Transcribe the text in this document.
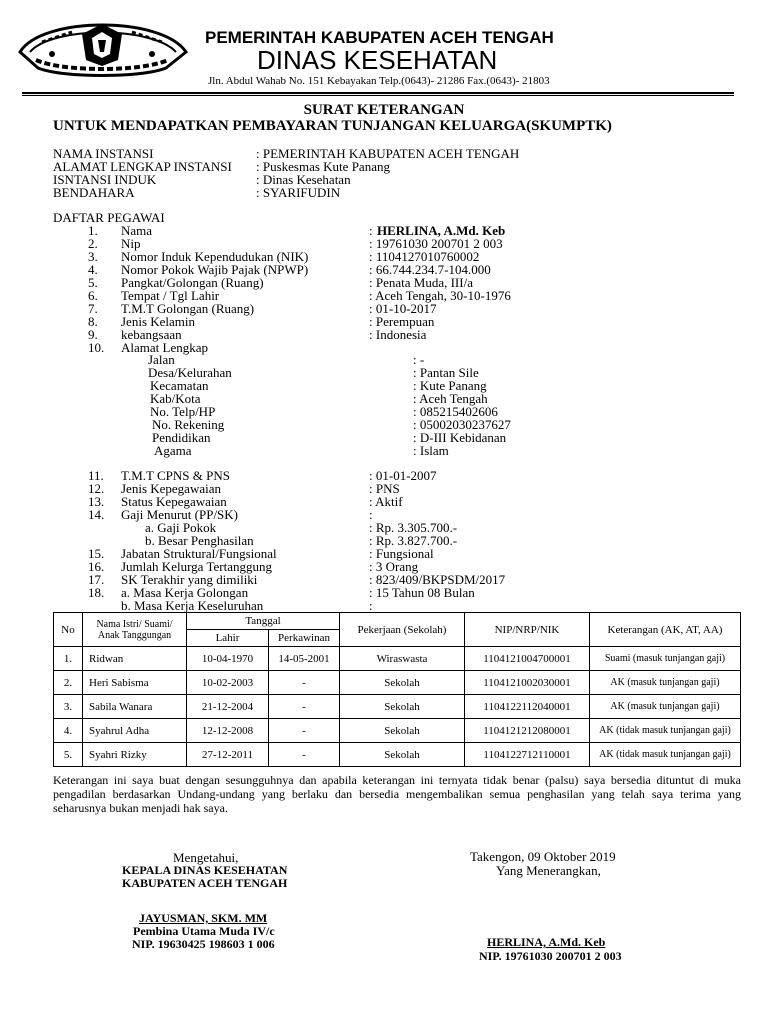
PEMERINTAH KABUPATEN ACEH TENGAH
DINAS KESEHATAN
Jln. Abdul Wahab No. 151 Kebayakan Telp.(0643)- 21286 Fax.(0643)- 21803
SURAT KETERANGAN
UNTUK MENDAPATKAN PEMBAYARAN TUNJANGAN KELUARGA(SKUMPTK)
NAMA INSTANSI	: PEMERINTAH KABUPATEN ACEH TENGAH
ALAMAT LENGKAP INSTANSI : Puskesmas Kute Panang
ISNTANSI INDUK	: Dinas Kesehatan
BENDAHARA	: SYARIFUDIN
DAFTAR PEGAWAI
1. Nama	: HERLINA, A.Md. Keb
2. Nip	: 19761030 200701 2 003
3. Nomor Induk Kependudukan (NIK)	: 1104127010760002
4. Nomor Pokok Wajib Pajak (NPWP)	: 66.744.234.7-104.000
5. Pangkat/Golongan (Ruang)	: Penata Muda, III/a
6. Tempat / Tgl Lahir	: Aceh Tengah, 30-10-1976
7. T.M.T Golongan (Ruang)	: 01-10-2017
8. Jenis Kelamin	: Perempuan
9. kebangsaan	: Indonesia
10. Alamat Lengkap
Jalan	: -
Desa/Kelurahan	: Pantan Sile
Kecamatan	: Kute Panang
Kab/Kota	: Aceh Tengah
No. Telp/HP	: 085215402606
No. Rekening	: 05002030237627
Pendidikan	: D-III Kebidanan
Agama	: Islam
11. T.M.T CPNS & PNS	: 01-01-2007
12. Jenis Kepegawaian	: PNS
13. Status Kepegawaian	: Aktif
14. Gaji Menurut (PP/SK)	:
a. Gaji Pokok	: Rp. 3.305.700.-
b. Besar Penghasilan	: Rp. 3.827.700.-
15. Jabatan Struktural/Fungsional	: Fungsional
16. Jumlah Kelurga Tertanggung	: 3 Orang
17. SK Terakhir yang dimiliki	: 823/409/BKPSDM/2017
18. a. Masa Kerja Golongan	: 15 Tahun 08 Bulan
b. Masa Kerja Keseluruhan	:
No	Nama Istri/ Suami/ Anak Tanggungan	Tanggal		Pekerjaan (Sekolah)	NIP/NRP/NIK	Keterangan (AK, AT, AA)
		Lahir	Perkawinan			
1.	Ridwan	10-04-1970	14-05-2001	Wiraswasta	1104121004700001	Suami (masuk tunjangan gaji)
2.	Heri Sabisma	10-02-2003	-	Sekolah	1104121002030001	AK (masuk tunjangan gaji)
3.	Sabila Wanara	21-12-2004	-	Sekolah	1104122112040001	AK (masuk tunjangan gaji)
4.	Syahrul Adha	12-12-2008	-	Sekolah	1104121212080001	AK (tidak masuk tunjangan gaji)
5.	Syahri Rizky	27-12-2011	-	Sekolah	1104122712110001	AK (tidak masuk tunjangan gaji)
Keterangan ini saya buat dengan sesungguhnya dan apabila keterangan ini ternyata tidak benar (palsu) saya bersedia dituntut di muka pengadilan berdasarkan Undang-undang yang berlaku dan bersedia mengembalikan semua penghasilan yang telah saya terima yang seharusnya bukan menjadi hak saya.
Mengetahui,
KEPALA DINAS KESEHATAN
KABUPATEN ACEH TENGAH
JAYUSMAN, SKM. MM
Pembina Utama Muda IV/c
NIP. 19630425 198603 1 006
Takengon, 09 Oktober 2019
Yang Menerangkan,
HERLINA, A.Md. Keb
NIP. 19761030 200701 2 003
